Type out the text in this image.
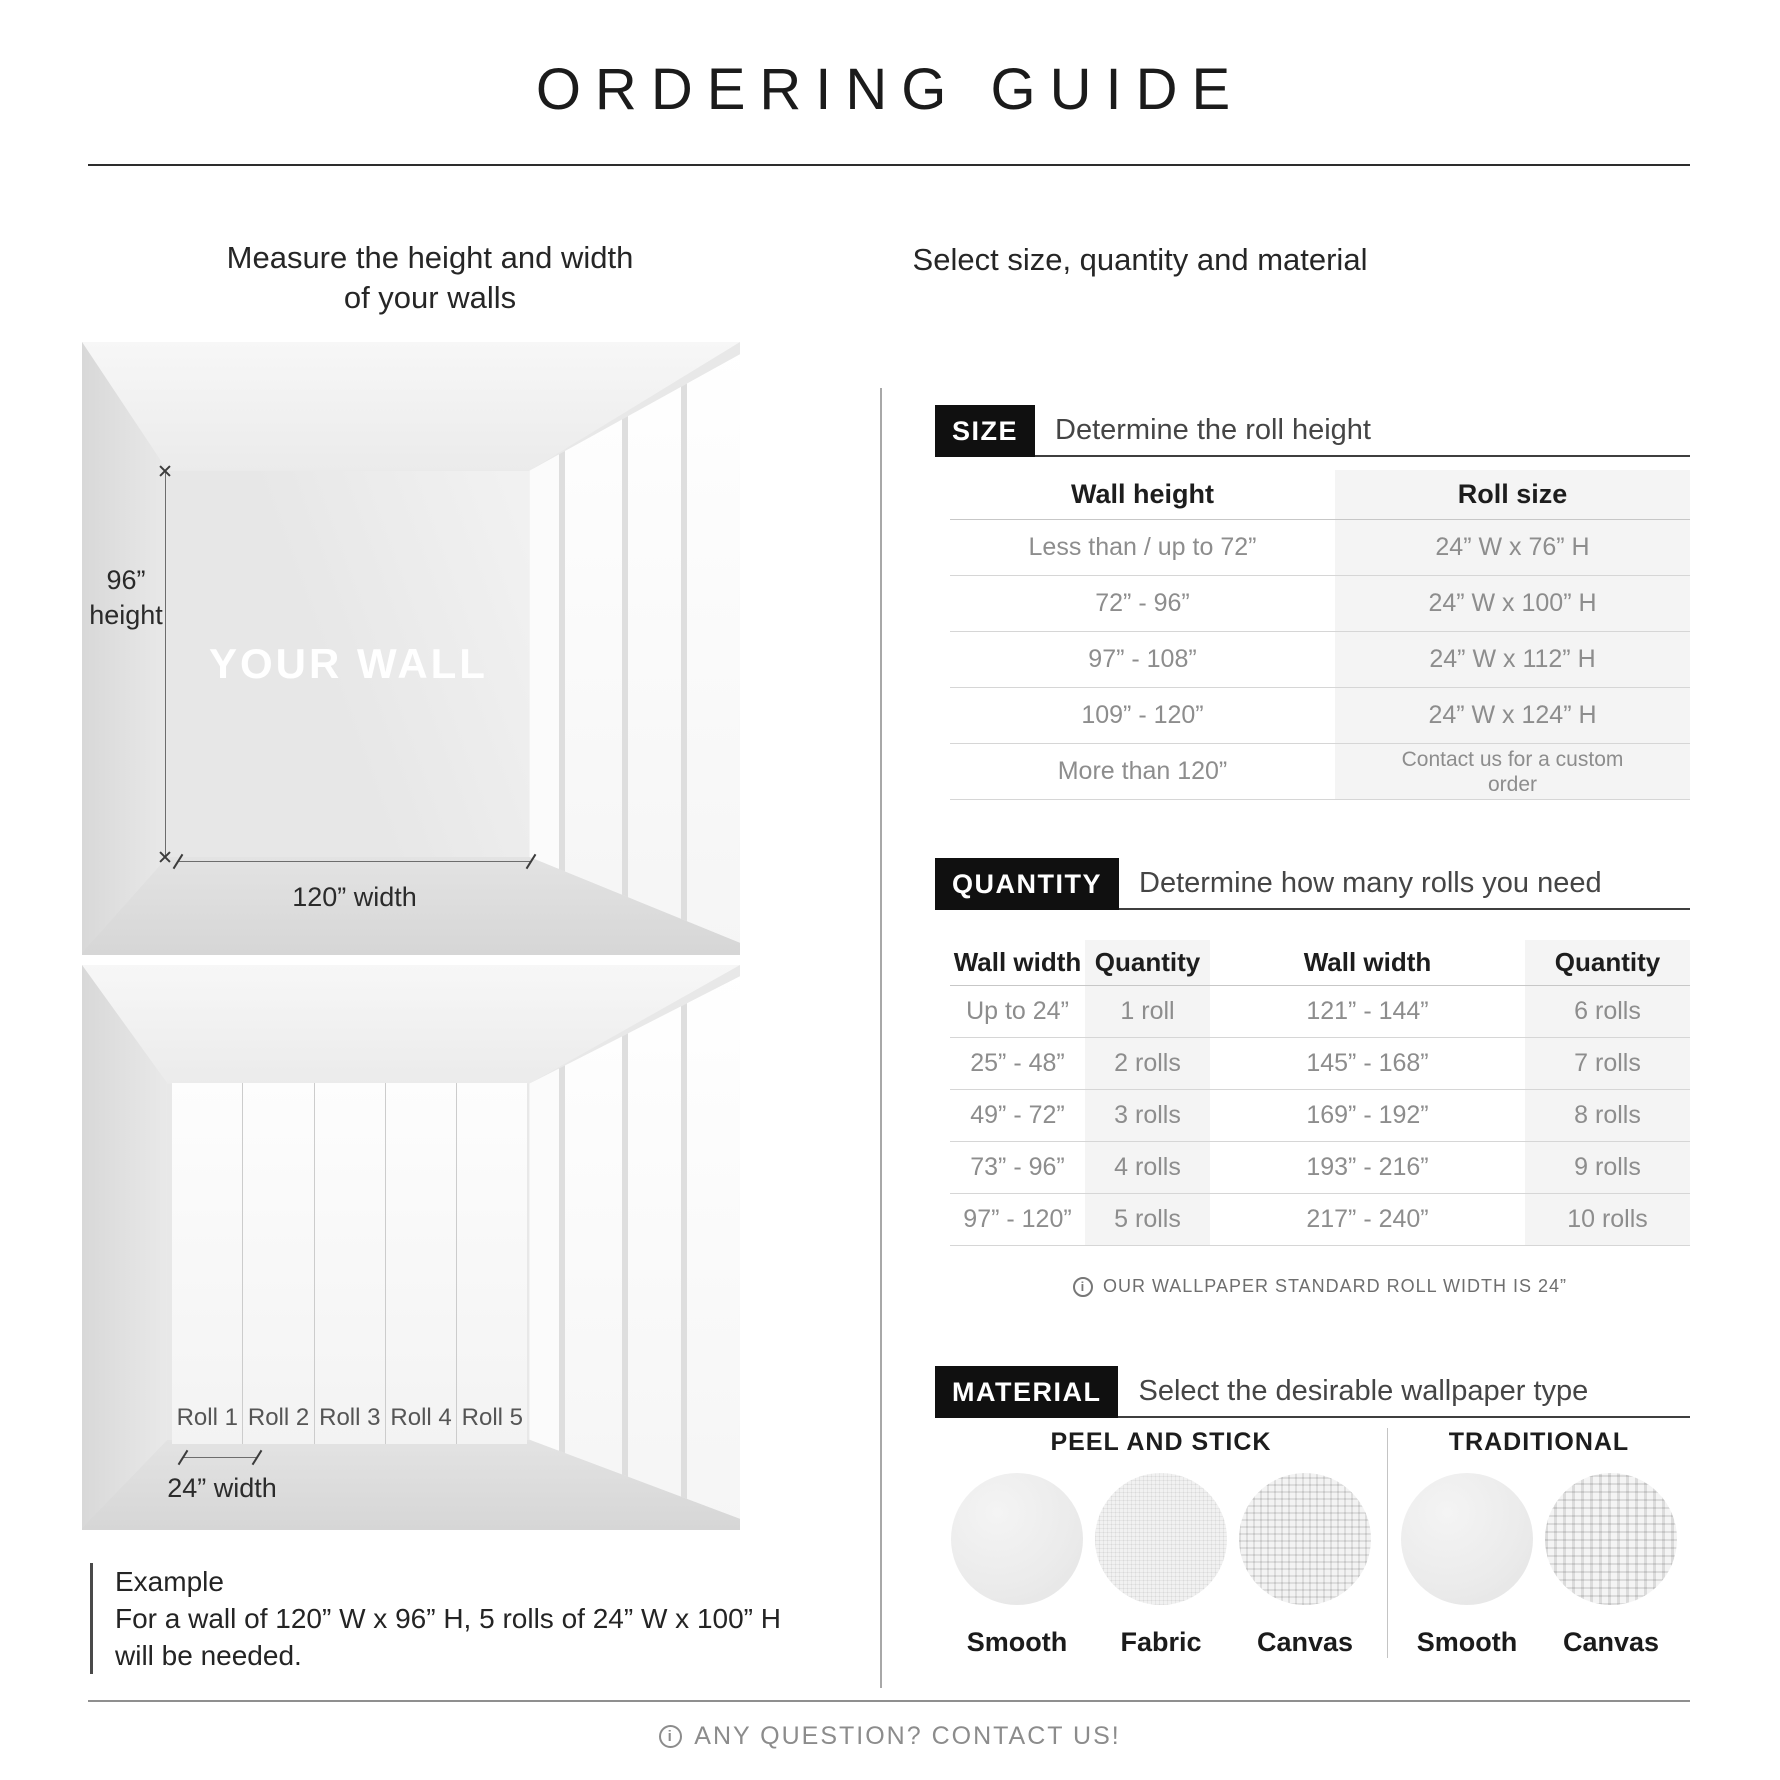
ORDERING GUIDE
Measure the height and width
of your walls
YOUR WALL
96”
height
120” width
Roll 1 Roll 2 Roll 3 Roll 4 Roll 5
24” width
Example
For a wall of 120” W x 96” H, 5 rolls of 24” W x 100” H
will be needed.
Select size, quantity and material
SIZE	Determine the roll height
Wall height	Roll size
Less than / up to 72”	24” W x 76” H
72” - 96”	24” W x 100” H
97” - 108”	24” W x 112” H
109” - 120”	24” W x 124” H
More than 120”	Contact us for a custom order
QUANTITY	Determine how many rolls you need
Wall width Quantity	Wall width	Quantity
Up to 24”	1 roll	121” - 144”	6 rolls
25” - 48”	2 rolls	145” - 168”	7 rolls
49” - 72”	3 rolls	169” - 192”	8 rolls
73” - 96”	4 rolls	193” - 216”	9 rolls
97” - 120”	5 rolls	217” - 240”	10 rolls
i
OUR WALLPAPER STANDARD ROLL WIDTH IS 24”
MATERIAL	Select the desirable wallpaper type
PEEL AND STICK
Smooth Fabric Canvas
TRADITIONAL
Smooth Canvas
i
ANY QUESTION? CONTACT US!
